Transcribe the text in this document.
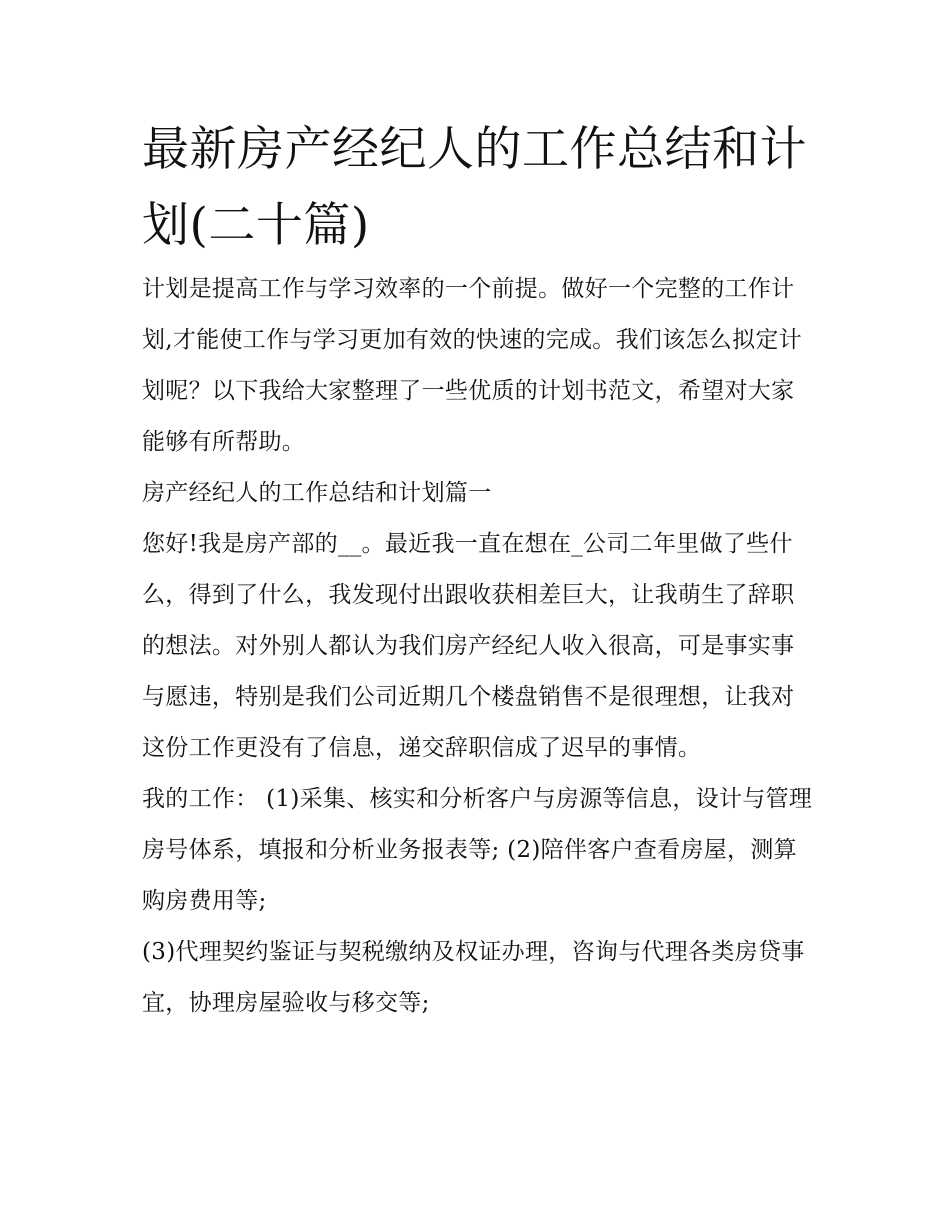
最新房产经纪人的工作总结和计划(二十篇)

计划是提高工作与学习效率的一个前提。做好一个完整的工作计划,才能使工作与学习更加有效的快速的完成。我们该怎么拟定计划呢？以下我给大家整理了一些优质的计划书范文，希望对大家能够有所帮助。

房产经纪人的工作总结和计划篇一

您好!我是房产部的__。最近我一直在想在_公司二年里做了些什么，得到了什么，我发现付出跟收获相差巨大，让我萌生了辞职的想法。对外别人都认为我们房产经纪人收入很高，可是事实事与愿违，特别是我们公司近期几个楼盘销售不是很理想，让我对这份工作更没有了信息，递交辞职信成了迟早的事情。

我的工作： (1)采集、核实和分析客户与房源等信息，设计与管理房号体系，填报和分析业务报表等; (2)陪伴客户查看房屋，测算购房费用等;

(3)代理契约鉴证与契税缴纳及权证办理，咨询与代理各类房贷事宜，协理房屋验收与移交等;
